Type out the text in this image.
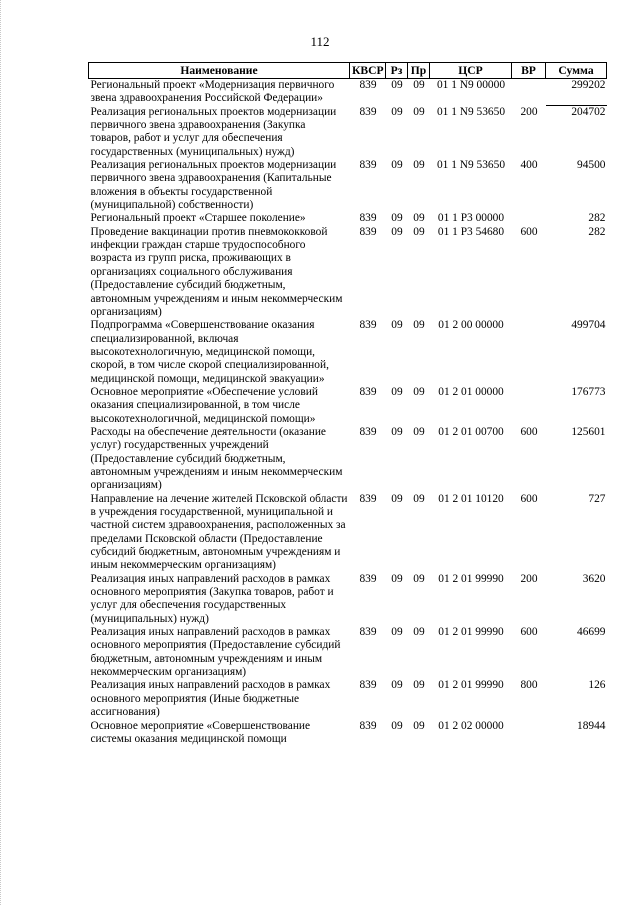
112
Наименование	КВСР	Рз	Пр	ЦСР	ВР	Сумма
Региональный проект «Модернизация первичного звена здравоохранения Российской Федерации»	839	09	09	01 1 N9 00000		299202
Реализация региональных проектов модернизации первичного звена здравоохранения (Закупка товаров, работ и услуг для обеспечения государственных (муниципальных) нужд)	839	09	09	01 1 N9 53650	200	204702
Реализация региональных проектов модернизации первичного звена здравоохранения (Капитальные вложения в объекты государственной (муниципальной) собственности)	839	09	09	01 1 N9 53650	400	94500
Региональный проект «Старшее поколение»	839	09	09	01 1 P3 00000		282
Проведение вакцинации против пневмококковой инфекции граждан старше трудоспособного возраста из групп риска, проживающих в организациях социального обслуживания (Предоставление субсидий бюджетным, автономным учреждениям и иным некоммерческим организациям)	839	09	09	01 1 P3 54680	600	282
Подпрограмма «Совершенствование оказания специализированной, включая высокотехнологичную, медицинской помощи, скорой, в том числе скорой специализированной, медицинской помощи, медицинской эвакуации»	839	09	09	01 2 00 00000		499704
Основное мероприятие «Обеспечение условий оказания специализированной, в том числе высокотехнологичной, медицинской помощи»	839	09	09	01 2 01 00000		176773
Расходы на обеспечение деятельности (оказание услуг) государственных учреждений (Предоставление субсидий бюджетным, автономным учреждениям и иным некоммерческим организациям)	839	09	09	01 2 01 00700	600	125601
Направление на лечение жителей Псковской области в учреждения государственной, муниципальной и частной систем здравоохранения, расположенных за пределами Псковской области (Предоставление субсидий бюджетным, автономным учреждениям и иным некоммерческим организациям)	839	09	09	01 2 01 10120	600	727
Реализация иных направлений расходов в рамках основного мероприятия (Закупка товаров, работ и услуг для обеспечения государственных (муниципальных) нужд)	839	09	09	01 2 01 99990	200	3620
Реализация иных направлений расходов в рамках основного мероприятия (Предоставление субсидий бюджетным, автономным учреждениям и иным некоммерческим организациям)	839	09	09	01 2 01 99990	600	46699
Реализация иных направлений расходов в рамках основного мероприятия (Иные бюджетные ассигнования)	839	09	09	01 2 01 99990	800	126
Основное мероприятие «Совершенствование системы оказания медицинской помощи	839	09	09	01 2 02 00000		18944
